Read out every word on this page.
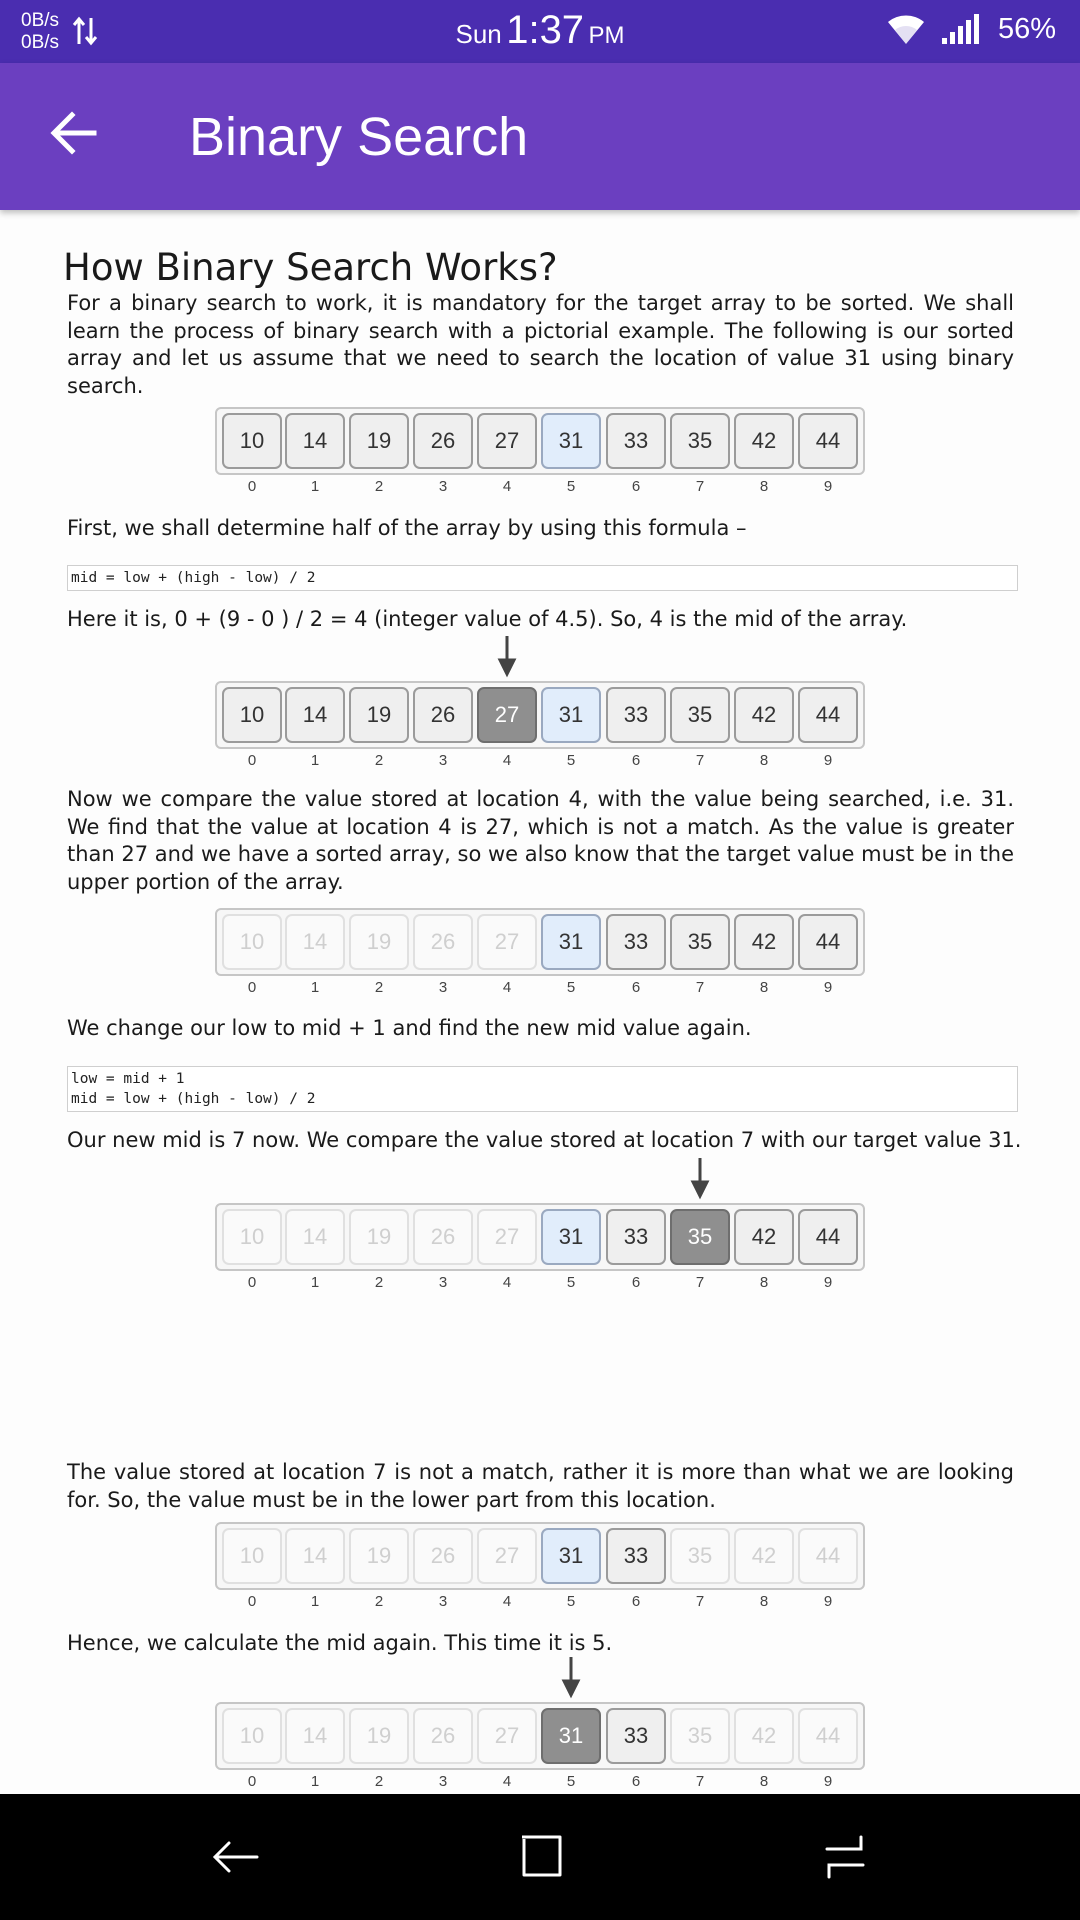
0B/s
0B/s	Sun 1:37 PM	56%
Binary Search
How Binary Search Works?
For a binary search to work, it is mandatory for the target array to be sorted. We shall learn the process of binary search with a pictorial example. The following is our sorted array and let us assume that we need to search the location of value 31 using binary search.
10
0
14
1
19
2
26
3
27
4
31
5
33
6
35
7
42
8
44
9
First, we shall determine half of the array by using this formula –
mid = low + (high - low) / 2
Here it is, 0 + (9 - 0 ) / 2 = 4 (integer value of 4.5). So, 4 is the mid of the array.
10
0
14
1
19
2
26
3
27
4
31
5
33
6
35
7
42
8
44
9
Now we compare the value stored at location 4, with the value being searched, i.e. 31. We find that the value at location 4 is 27, which is not a match. As the value is greater than 27 and we have a sorted array, so we also know that the target value must be in the upper portion of the array.
10
0
14
1
19
2
26
3
27
4
31
5
33
6
35
7
42
8
44
9
We change our low to mid + 1 and find the new mid value again.
low = mid + 1
mid = low + (high - low) / 2
Our new mid is 7 now. We compare the value stored at location 7 with our target value 31.
10
0
14
1
19
2
26
3
27
4
31
5
33
6
35
7
42
8
44
9
The value stored at location 7 is not a match, rather it is more than what we are looking for. So, the value must be in the lower part from this location.
10
0
14
1
19
2
26
3
27
4
31
5
33
6
35
7
42
8
44
9
Hence, we calculate the mid again. This time it is 5.
10
0
14
1
19
2
26
3
27
4
31
5
33
6
35
7
42
8
44
9
